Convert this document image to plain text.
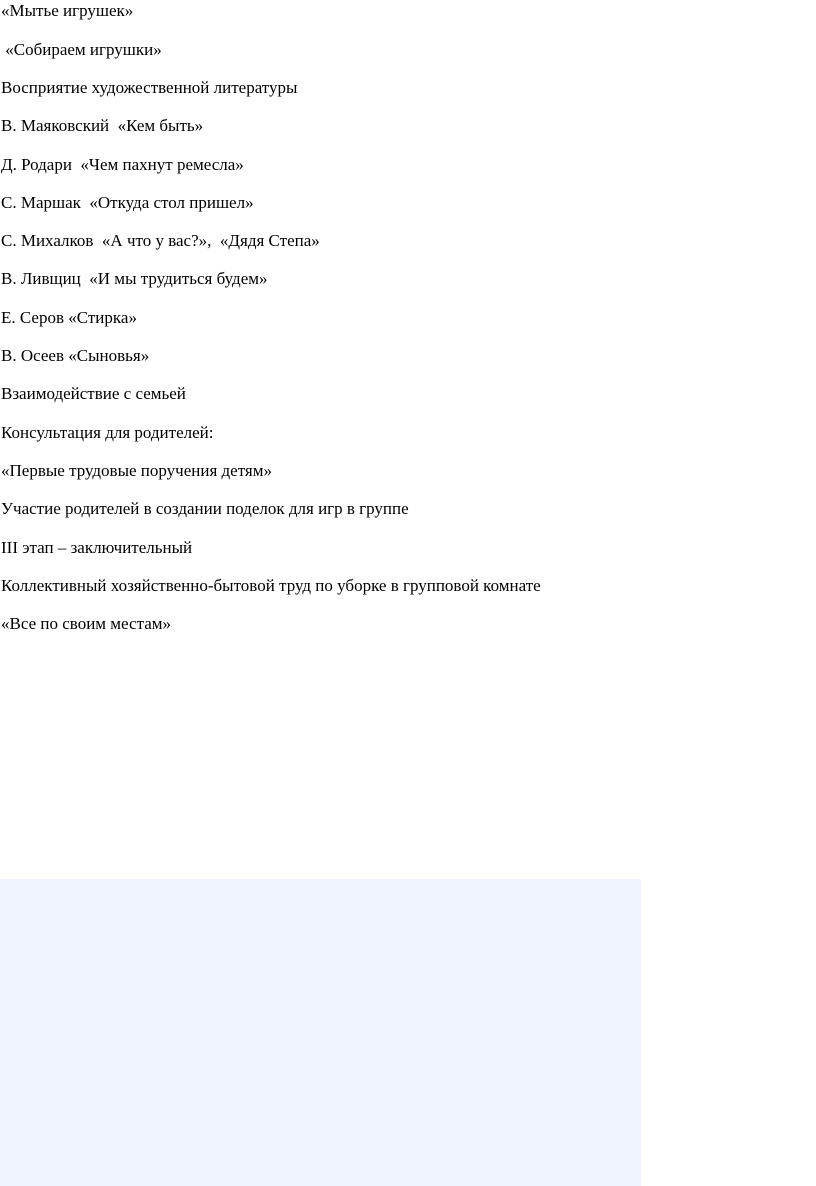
«Мытье игрушек»
«Собираем игрушки»
Восприятие художественной литературы
В. Маяковский  «Кем быть»
Д. Родари  «Чем пахнут ремесла»
С. Маршак  «Откуда стол пришел»
С. Михалков  «А что у вас?»,  «Дядя Степа»
В. Ливщиц  «И мы трудиться будем»
Е. Серов «Стирка»
В. Осеев «Сыновья»
Взаимодействие с семьей
Консультация для родителей:
«Первые трудовые поручения детям»
Участие родителей в создании поделок для игр в группе
III этап – заключительный
Коллективный хозяйственно-бытовой труд по уборке в групповой комнате
«Все по своим местам»
